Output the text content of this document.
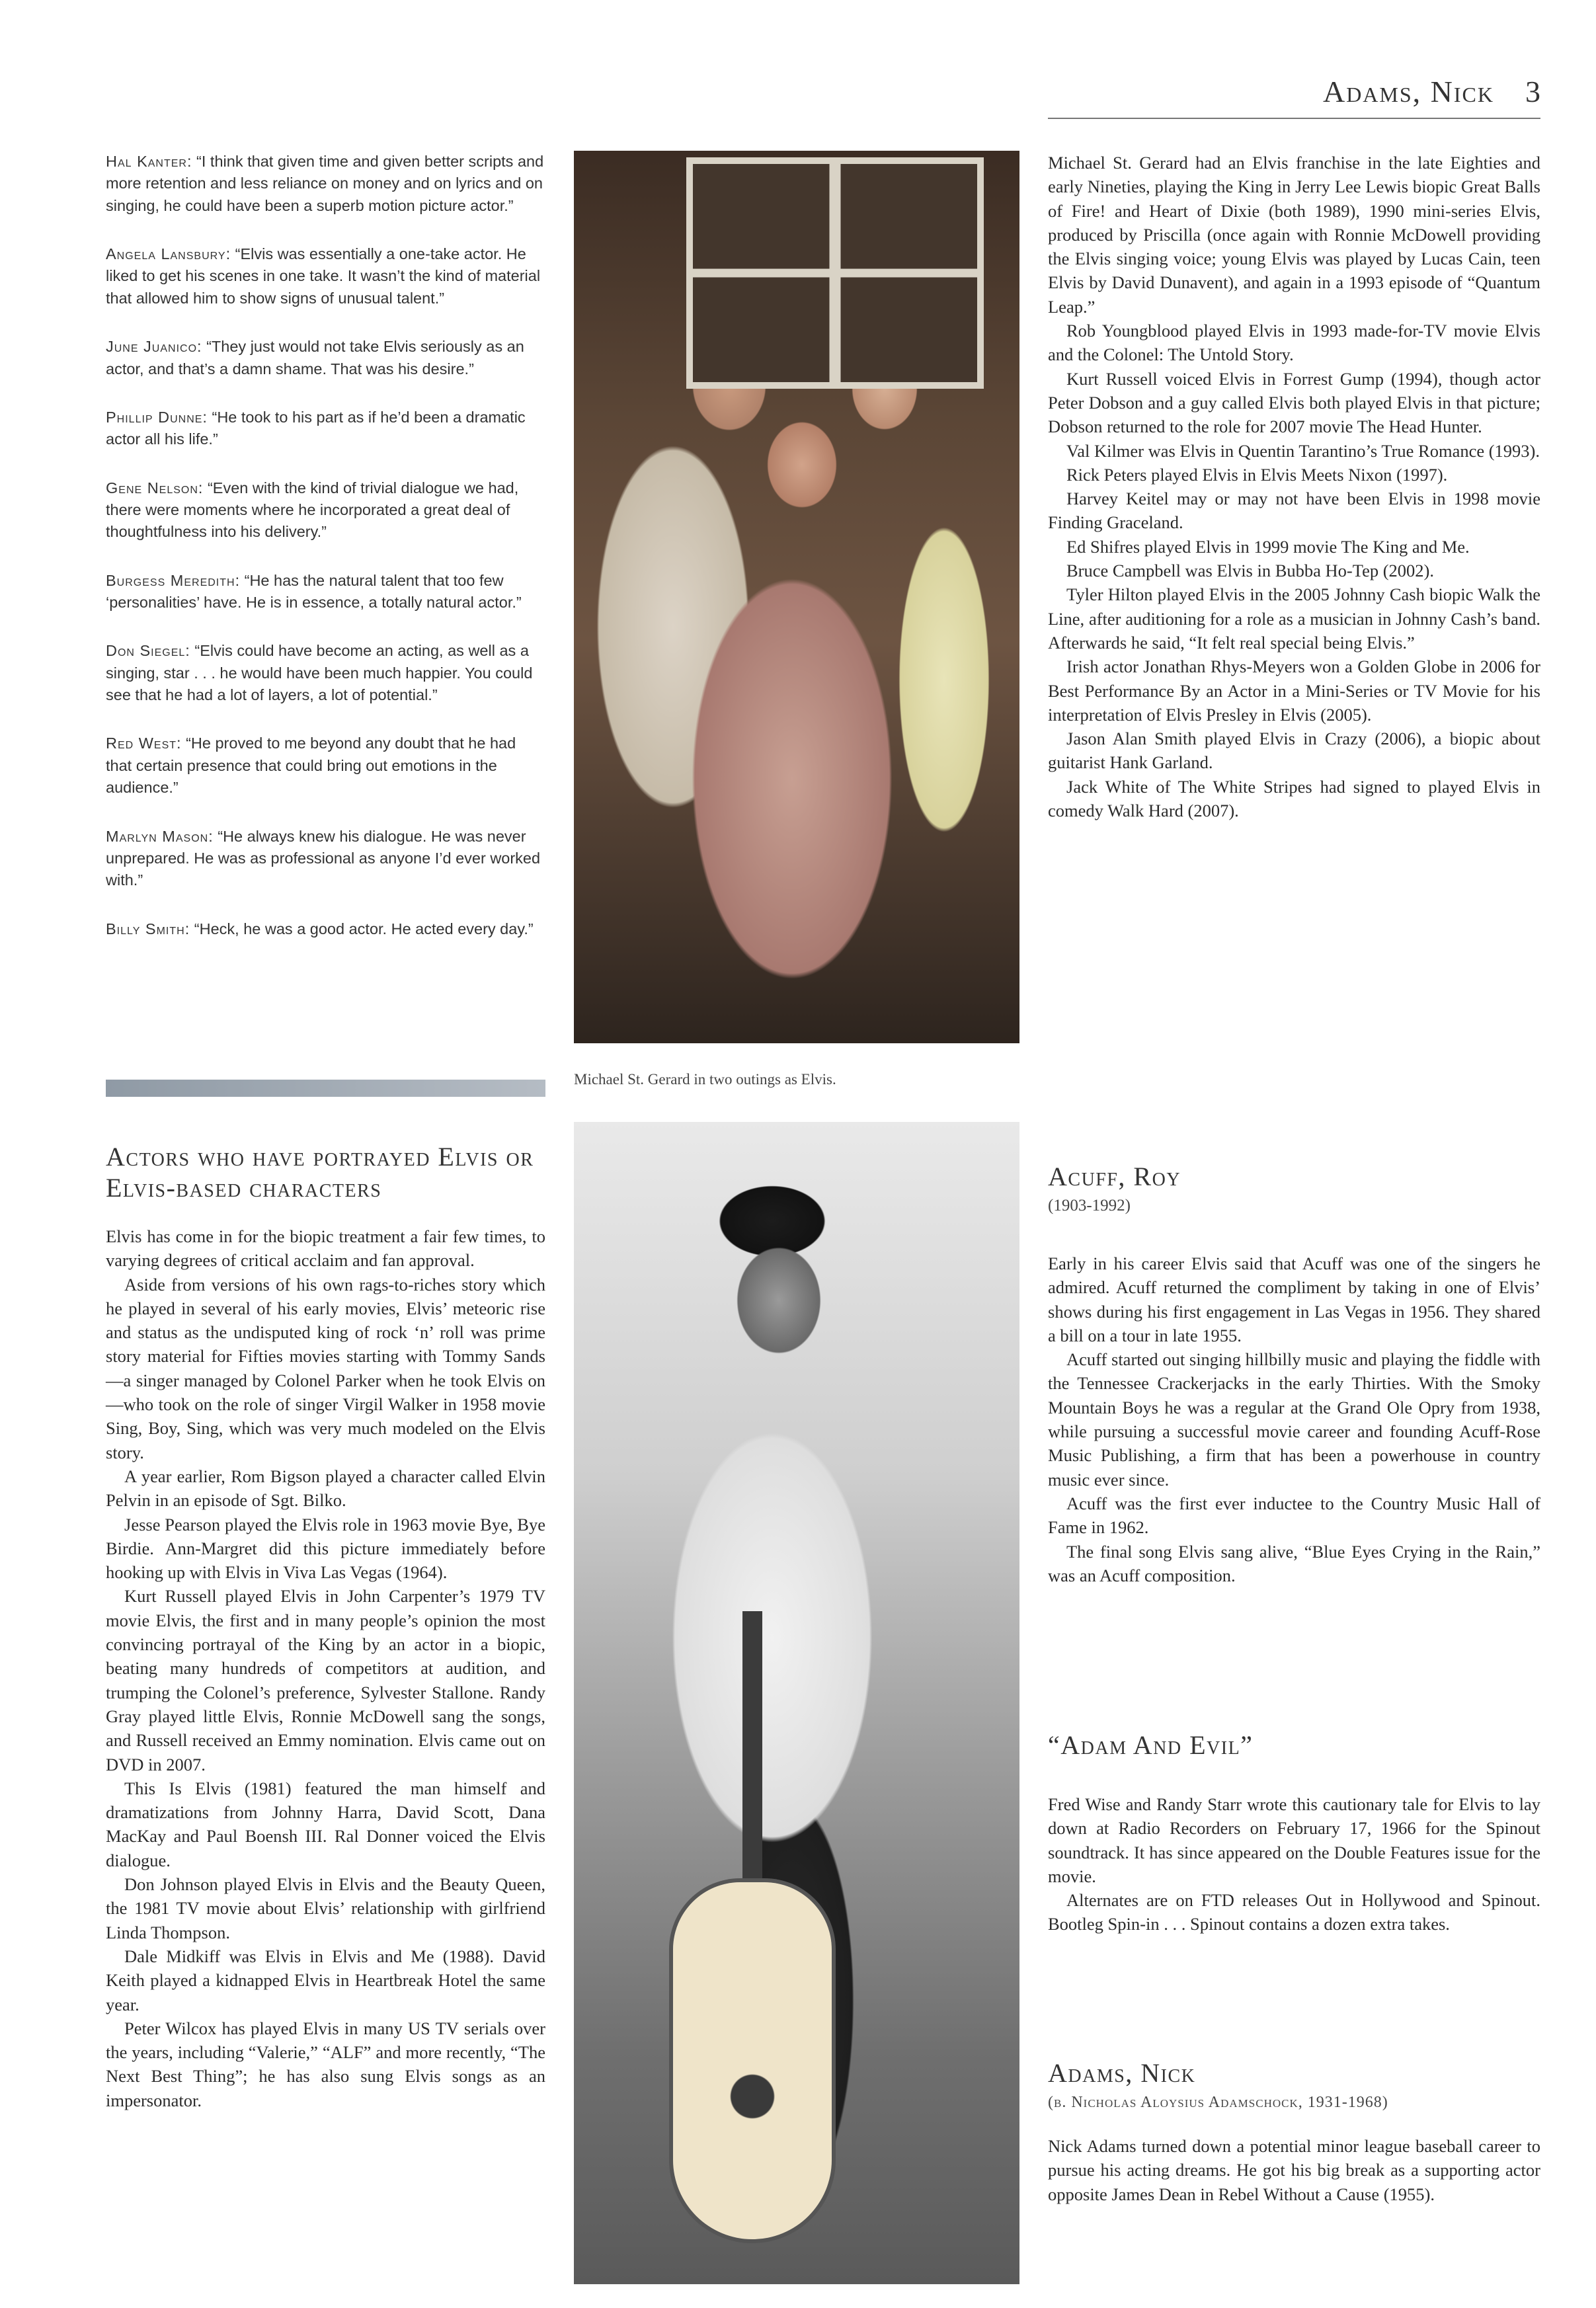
Adams, Nick 3

Hal Kanter: “I think that given time and given better scripts and more retention and less reliance on money and on lyrics and on singing, he could have been a superb motion picture actor.”

Angela Lansbury: “Elvis was essentially a one-take actor. He liked to get his scenes in one take. It wasn’t the kind of material that allowed him to show signs of unusual talent.”

June Juanico: “They just would not take Elvis seriously as an actor, and that’s a damn shame. That was his desire.”

Phillip Dunne: “He took to his part as if he’d been a dramatic actor all his life.”

Gene Nelson: “Even with the kind of trivial dialogue we had, there were moments where he incorporated a great deal of thoughtfulness into his delivery.”

Burgess Meredith: “He has the natural talent that too few ‘personalities’ have. He is in essence, a totally natural actor.”

Don Siegel: “Elvis could have become an acting, as well as a singing, star . . . he would have been much happier. You could see that he had a lot of layers, a lot of potential.”

Red West: “He proved to me beyond any doubt that he had that certain presence that could bring out emotions in the audience.”

Marlyn Mason: “He always knew his dialogue. He was never unprepared. He was as professional as anyone I’d ever worked with.”

Billy Smith: “Heck, he was a good actor. He acted every day.”

Michael St. Gerard in two outings as Elvis.

Michael St. Gerard had an Elvis franchise in the late Eighties and early Nineties, playing the King in Jerry Lee Lewis biopic Great Balls of Fire! and Heart of Dixie (both 1989), 1990 mini-series Elvis, produced by Priscilla (once again with Ronnie McDowell providing the Elvis singing voice; young Elvis was played by Lucas Cain, teen Elvis by David Dunavent), and again in a 1993 episode of “Quantum Leap.”

Rob Youngblood played Elvis in 1993 made-for-TV movie Elvis and the Colonel: The Untold Story.

Kurt Russell voiced Elvis in Forrest Gump (1994), though actor Peter Dobson and a guy called Elvis both played Elvis in that picture; Dobson returned to the role for 2007 movie The Head Hunter.

Val Kilmer was Elvis in Quentin Tarantino’s True Romance (1993).

Rick Peters played Elvis in Elvis Meets Nixon (1997).

Harvey Keitel may or may not have been Elvis in 1998 movie Finding Graceland.

Ed Shifres played Elvis in 1999 movie The King and Me.

Bruce Campbell was Elvis in Bubba Ho-Tep (2002).

Tyler Hilton played Elvis in the 2005 Johnny Cash biopic Walk the Line, after auditioning for a role as a musician in Johnny Cash’s band. Afterwards he said, “It felt real special being Elvis.”

Irish actor Jonathan Rhys-Meyers won a Golden Globe in 2006 for Best Performance By an Actor in a Mini-Series or TV Movie for his interpretation of Elvis Presley in Elvis (2005).

Jason Alan Smith played Elvis in Crazy (2006), a biopic about guitarist Hank Garland.

Jack White of The White Stripes had signed to played Elvis in comedy Walk Hard (2007).

Actors who have portrayed Elvis or Elvis-based characters

Elvis has come in for the biopic treatment a fair few times, to varying degrees of critical acclaim and fan approval.

Aside from versions of his own rags-to-riches story which he played in several of his early movies, Elvis’ meteoric rise and status as the undisputed king of rock ‘n’ roll was prime story material for Fifties movies starting with Tommy Sands—a singer managed by Colonel Parker when he took Elvis on—who took on the role of singer Virgil Walker in 1958 movie Sing, Boy, Sing, which was very much modeled on the Elvis story.

A year earlier, Rom Bigson played a character called Elvin Pelvin in an episode of Sgt. Bilko.

Jesse Pearson played the Elvis role in 1963 movie Bye, Bye Birdie. Ann-Margret did this picture immediately before hooking up with Elvis in Viva Las Vegas (1964).

Kurt Russell played Elvis in John Carpenter’s 1979 TV movie Elvis, the first and in many people’s opinion the most convincing portrayal of the King by an actor in a biopic, beating many hundreds of competitors at audition, and trumping the Colonel’s preference, Sylvester Stallone. Randy Gray played little Elvis, Ronnie McDowell sang the songs, and Russell received an Emmy nomination. Elvis came out on DVD in 2007.

This Is Elvis (1981) featured the man himself and dramatizations from Johnny Harra, David Scott, Dana MacKay and Paul Boensh III. Ral Donner voiced the Elvis dialogue.

Don Johnson played Elvis in Elvis and the Beauty Queen, the 1981 TV movie about Elvis’ relationship with girlfriend Linda Thompson.

Dale Midkiff was Elvis in Elvis and Me (1988). David Keith played a kidnapped Elvis in Heartbreak Hotel the same year.

Peter Wilcox has played Elvis in many US TV serials over the years, including “Valerie,” “ALF” and more recently, “The Next Best Thing”; he has also sung Elvis songs as an impersonator.

Acuff, Roy
(1903-1992)

Early in his career Elvis said that Acuff was one of the singers he admired. Acuff returned the compliment by taking in one of Elvis’ shows during his first engagement in Las Vegas in 1956. They shared a bill on a tour in late 1955.

Acuff started out singing hillbilly music and playing the fiddle with the Tennessee Crackerjacks in the early Thirties. With the Smoky Mountain Boys he was a regular at the Grand Ole Opry from 1938, while pursuing a successful movie career and founding Acuff-Rose Music Publishing, a firm that has been a powerhouse in country music ever since.

Acuff was the first ever inductee to the Country Music Hall of Fame in 1962.

The final song Elvis sang alive, “Blue Eyes Crying in the Rain,” was an Acuff composition.

“Adam And Evil”

Fred Wise and Randy Starr wrote this cautionary tale for Elvis to lay down at Radio Recorders on February 17, 1966 for the Spinout soundtrack. It has since appeared on the Double Features issue for the movie.

Alternates are on FTD releases Out in Hollywood and Spinout. Bootleg Spin-in . . . Spinout contains a dozen extra takes.

Adams, Nick
(b. Nicholas Aloysius Adamschock, 1931-1968)

Nick Adams turned down a potential minor league baseball career to pursue his acting dreams. He got his big break as a supporting actor opposite James Dean in Rebel Without a Cause (1955).
